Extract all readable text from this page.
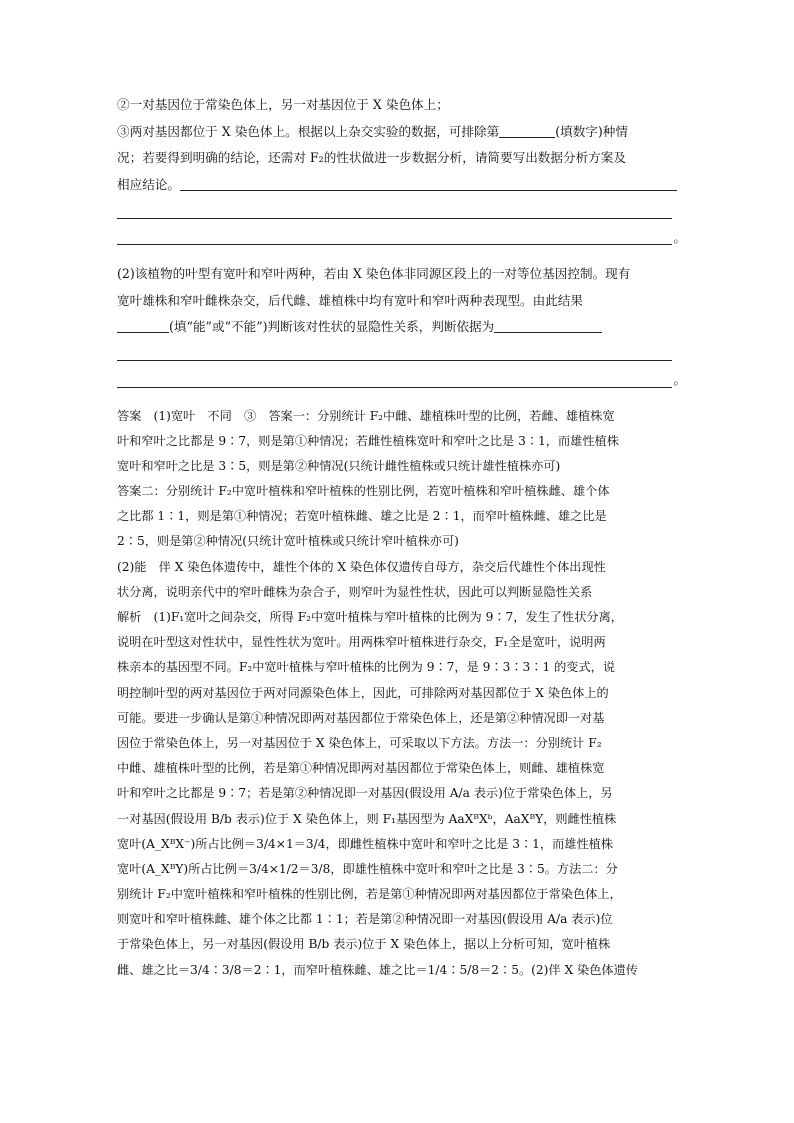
②一对基因位于常染色体上，另一对基因位于 X 染色体上；
③两对基因都位于 X 染色体上。根据以上杂交实验的数据，可排除第	(填数字)种情
况；若要得到明确的结论，还需对 F₂的性状做进一步数据分析，请简要写出数据分析方案及
相应结论。
。
(2)该植物的叶型有宽叶和窄叶两种，若由 X 染色体非同源区段上的一对等位基因控制。现有
宽叶雄株和窄叶雌株杂交，后代雌、雄植株中均有宽叶和窄叶两种表现型。由此结果
(填“能”或“不能”)判断该对性状的显隐性关系，判断依据为
。
答案　(1)宽叶　不同　③　答案一：分别统计 F₂中雌、雄植株叶型的比例，若雌、雄植株宽
叶和窄叶之比都是 9∶7，则是第①种情况；若雌性植株宽叶和窄叶之比是 3∶1，而雄性植株
宽叶和窄叶之比是 3∶5，则是第②种情况(只统计雌性植株或只统计雄性植株亦可)
答案二：分别统计 F₂中宽叶植株和窄叶植株的性别比例，若宽叶植株和窄叶植株雌、雄个体
之比都 1∶1，则是第①种情况；若宽叶植株雌、雄之比是 2∶1，而窄叶植株雌、雄之比是
2∶5，则是第②种情况(只统计宽叶植株或只统计窄叶植株亦可)
(2)能　伴 X 染色体遗传中，雄性个体的 X 染色体仅遗传自母方，杂交后代雄性个体出现性
状分离，说明亲代中的窄叶雌株为杂合子，则窄叶为显性性状，因此可以判断显隐性关系
解析　(1)F₁宽叶之间杂交，所得 F₂中宽叶植株与窄叶植株的比例为 9∶7，发生了性状分离，
说明在叶型这对性状中，显性性状为宽叶。用两株窄叶植株进行杂交，F₁全是宽叶，说明两
株亲本的基因型不同。F₂中宽叶植株与窄叶植株的比例为 9∶7，是 9∶3∶3∶1 的变式，说
明控制叶型的两对基因位于两对同源染色体上，因此，可排除两对基因都位于 X 染色体上的
可能。要进一步确认是第①种情况即两对基因都位于常染色体上，还是第②种情况即一对基
因位于常染色体上，另一对基因位于 X 染色体上，可采取以下方法。方法一：分别统计 F₂
中雌、雄植株叶型的比例，若是第①种情况即两对基因都位于常染色体上，则雌、雄植株宽
叶和窄叶之比都是 9∶7；若是第②种情况即一对基因(假设用 A/a 表示)位于常染色体上，另
一对基因(假设用 B/b 表示)位于 X 染色体上，则 F₁基因型为 AaXᴮXᵇ，AaXᴮY，则雌性植株
宽叶(A_XᴮX⁻)所占比例＝3/4×1＝3/4，即雌性植株中宽叶和窄叶之比是 3∶1，而雄性植株
宽叶(A_XᴮY)所占比例＝3/4×1/2＝3/8，即雄性植株中宽叶和窄叶之比是 3∶5。方法二：分
别统计 F₂中宽叶植株和窄叶植株的性别比例，若是第①种情况即两对基因都位于常染色体上，
则宽叶和窄叶植株雌、雄个体之比都 1∶1；若是第②种情况即一对基因(假设用 A/a 表示)位
于常染色体上，另一对基因(假设用 B/b 表示)位于 X 染色体上，据以上分析可知，宽叶植株
雌、雄之比＝3/4∶3/8＝2∶1，而窄叶植株雌、雄之比＝1/4∶5/8＝2∶5。(2)伴 X 染色体遗传
